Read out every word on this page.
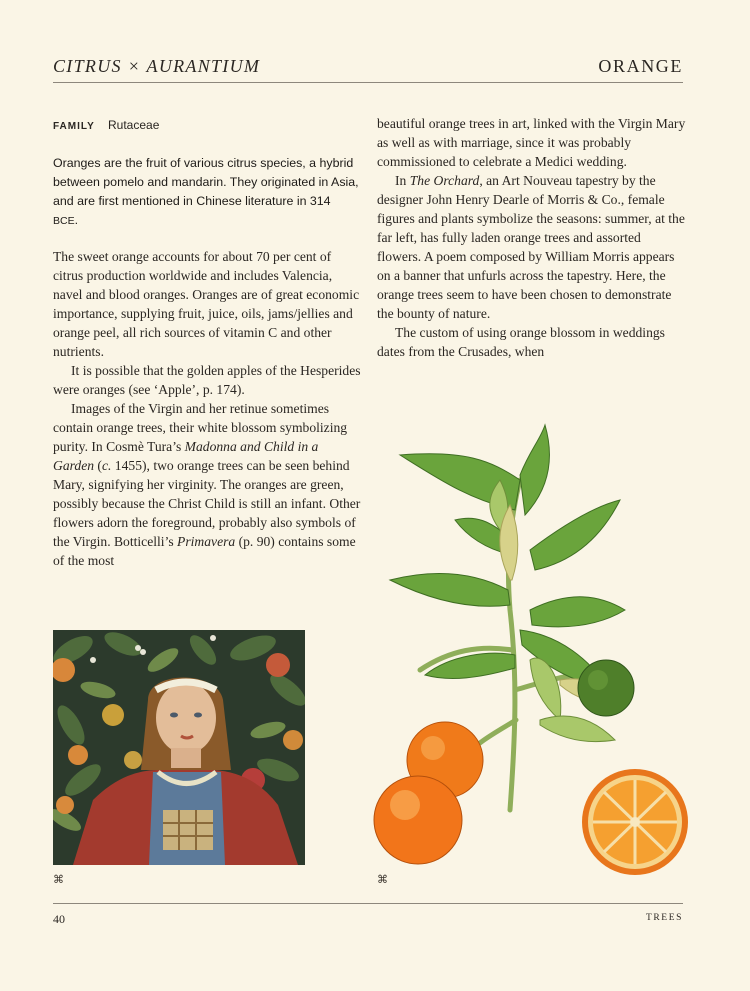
CITRUS × AURANTIUM	ORANGE
FAMILY Rutaceae
Oranges are the fruit of various citrus species, a hybrid between pomelo and mandarin. They originated in Asia, and are first mentioned in Chinese literature in 314 BCE.

The sweet orange accounts for about 70 per cent of citrus production worldwide and includes Valencia, navel and blood oranges. Oranges are of great economic importance, supplying fruit, juice, oils, jams/jellies and orange peel, all rich sources of vitamin C and other nutrients.

It is possible that the golden apples of the Hesperides were oranges (see ‘Apple’, p. 174).

Images of the Virgin and her retinue sometimes contain orange trees, their white blossom symbolizing purity. In Cosmè Tura’s Madonna and Child in a Garden (c. 1455), two orange trees can be seen behind Mary, signifying her virginity. The oranges are green, possibly because the Christ Child is still an infant. Other flowers adorn the foreground, probably also symbols of the Virgin. Botticelli’s Primavera (p. 90) contains some of the most

beautiful orange trees in art, linked with the Virgin Mary as well as with marriage, since it was probably commissioned to celebrate a Medici wedding.

In The Orchard, an Art Nouveau tapestry by the designer John Henry Dearle of Morris & Co., female figures and plants symbolize the seasons: summer, at the far left, has fully laden orange trees and assorted flowers. A poem composed by William Morris appears on a banner that unfurls across the tapestry. Here, the orange trees seem to have been chosen to demonstrate the bounty of nature.

The custom of using orange blossom in weddings dates from the Crusades, when

⌘	⌘
40	TREES
